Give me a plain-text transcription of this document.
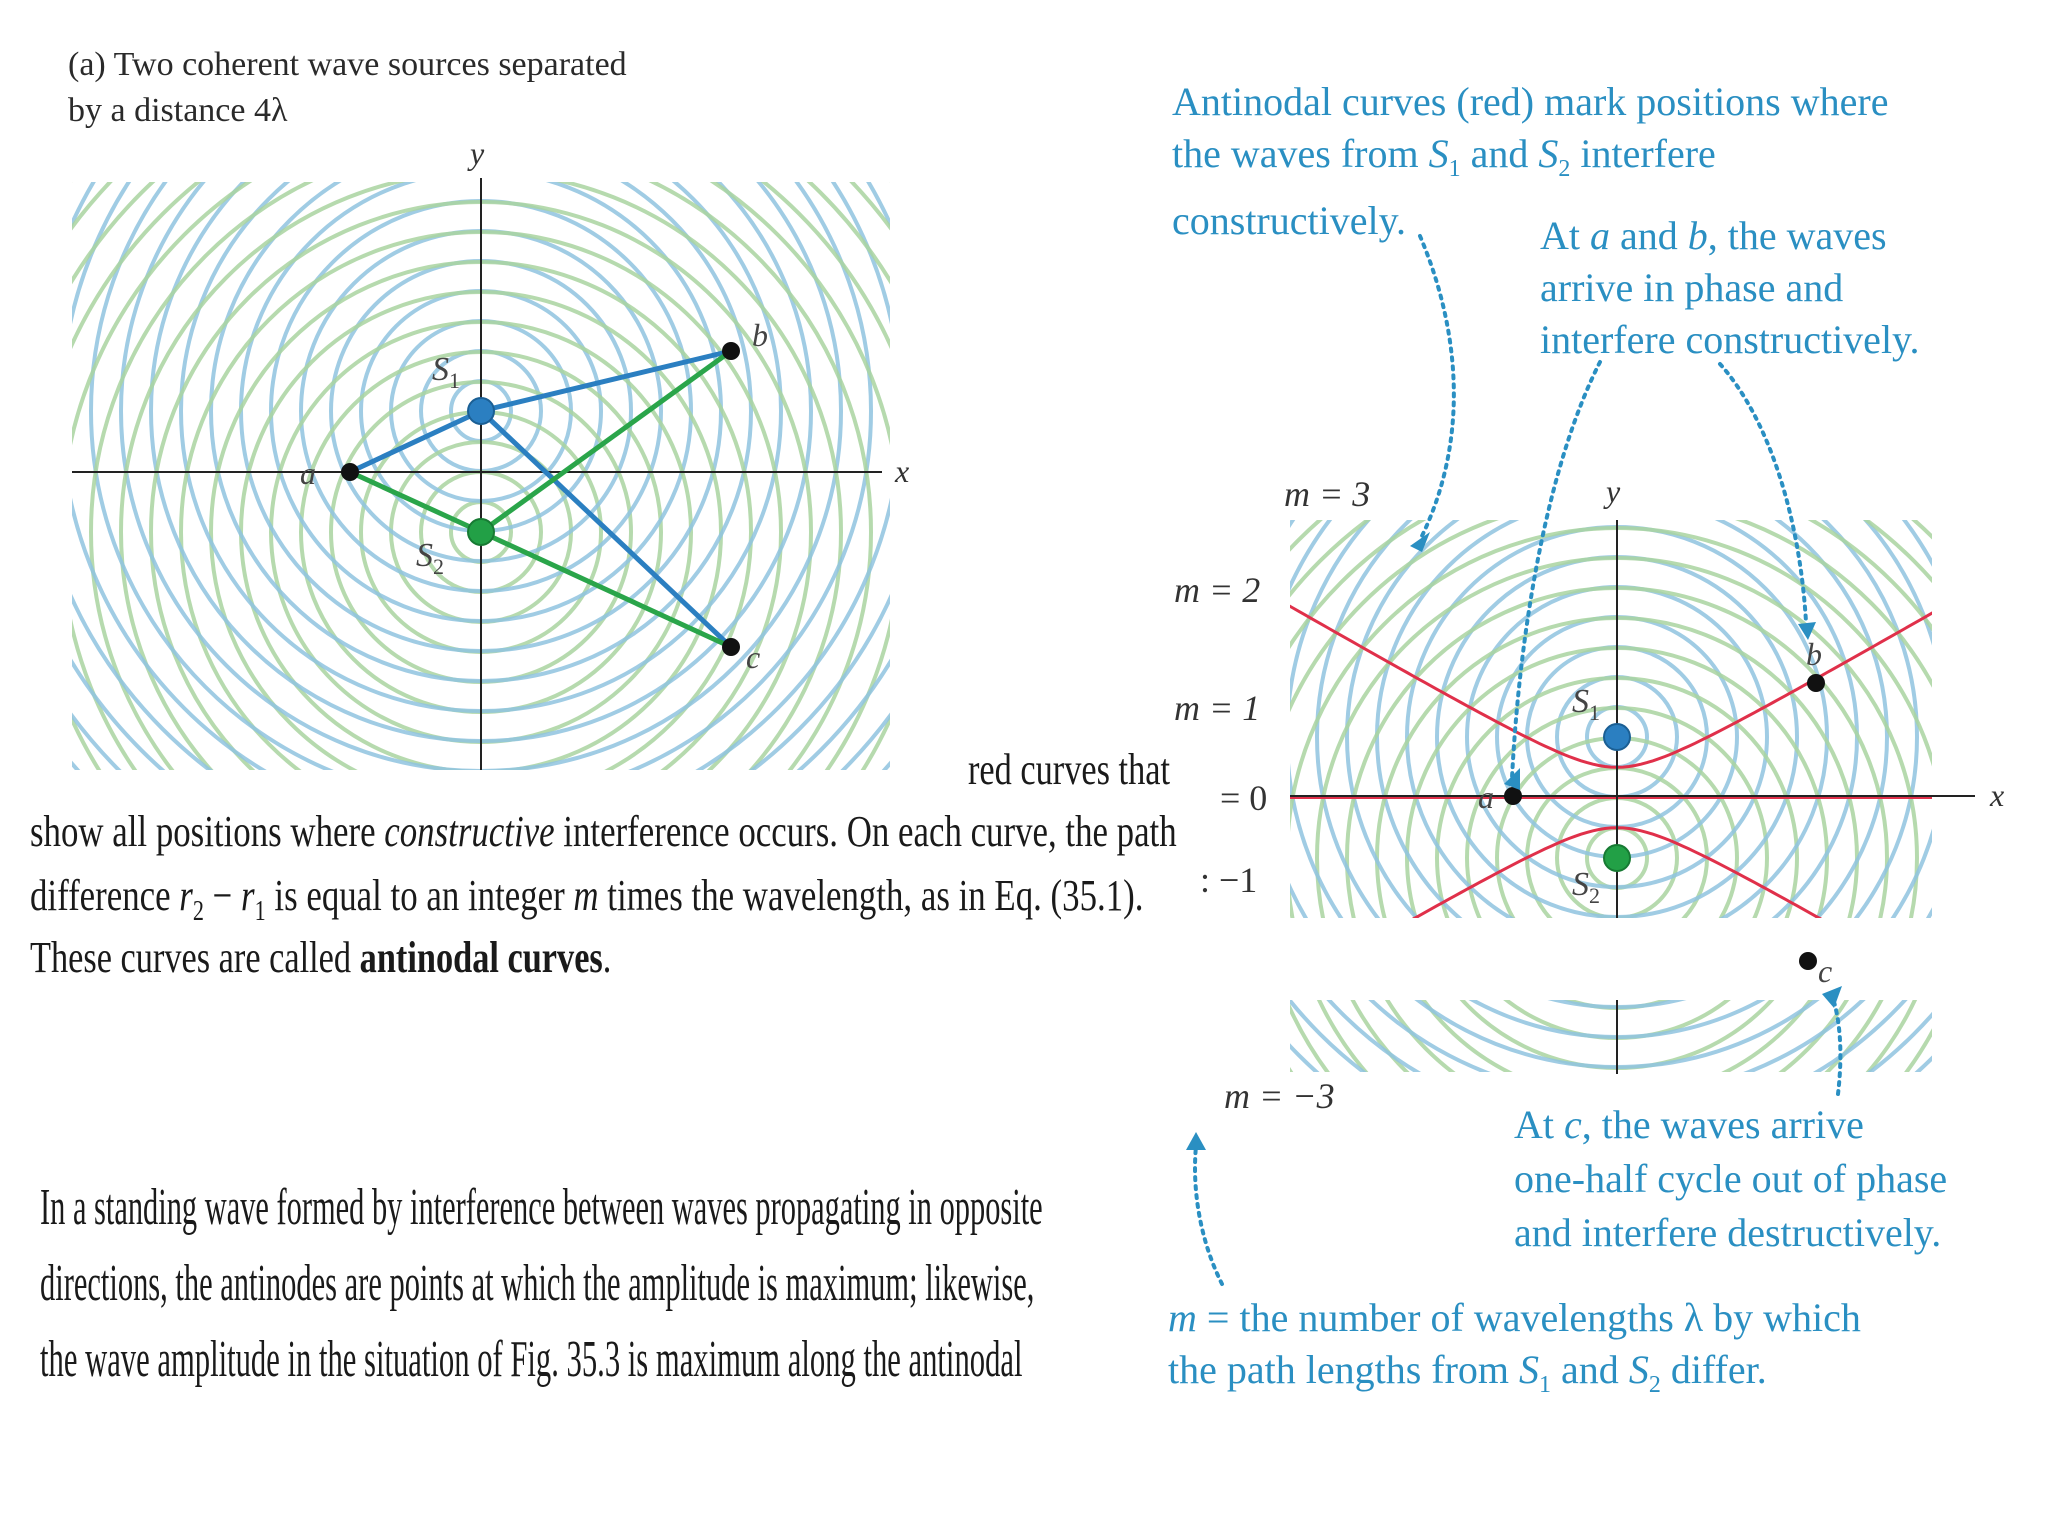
(a) Two coherent wave sources separated
by a distance 4λ
x
y
a
b
c
$S_1$
$S_2$
x
y
a
b
c
$S_1$
$S_2$
m = 3
m = 2
m = 1
= 0
: −1
m = −3
Antinodal curves (red) mark positions where
the waves from $S_1$ and $S_2$ interfere
constructively.	At a and b, the waves
arrive in phase and
interfere constructively.
At c, the waves arrive
one-half cycle out of phase
and interfere destructively.
m = the number of wavelengths λ by which
the path lengths from $S_1$ and $S_2$ differ.
red curves that
show all positions where constructive interference occurs. On each curve, the path
difference $r_2 - r_1$ is equal to an integer m times the wavelength, as in Eq. (35.1).
These curves are called antinodal curves.
In a standing wave formed by interference between waves propagating in opposite
directions, the antinodes are points at which the amplitude is maximum; likewise,
the wave amplitude in the situation of Fig. 35.3 is maximum along the antinodal
